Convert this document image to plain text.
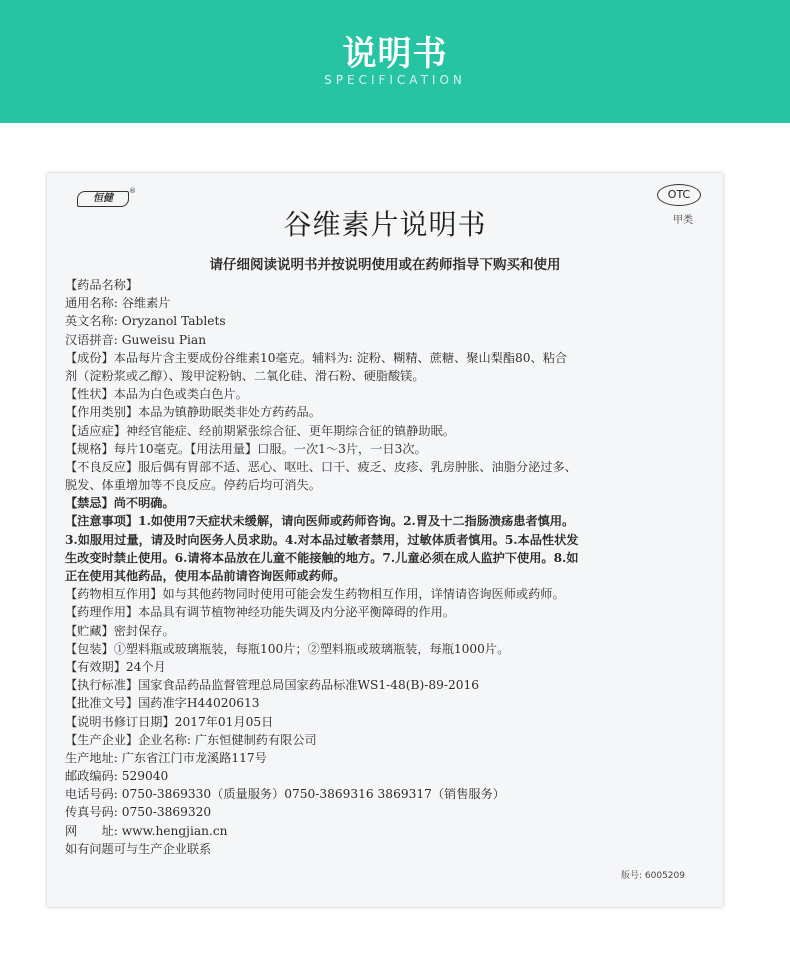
说明书
SPECIFICATION
恒健
®	OTC
甲类
谷维素片说明书
请仔细阅读说明书并按说明使用或在药师指导下购买和使用
【药品名称】
通用名称: 谷维素片
英文名称: Oryzanol Tablets
汉语拼音: Guweisu Pian
【成份】本品每片含主要成份谷维素10毫克。辅料为: 淀粉、糊精、蔗糖、聚山梨酯80、粘合
剂（淀粉浆或乙醇）、羧甲淀粉钠、二氧化硅、滑石粉、硬脂酸镁。
【性状】本品为白色或类白色片。
【作用类别】本品为镇静助眠类非处方药药品。
【适应症】神经官能症、经前期紧张综合征、更年期综合征的镇静助眠。
【规格】每片10毫克。【用法用量】口服。一次1～3片，一日3次。
【不良反应】服后偶有胃部不适、恶心、呕吐、口干、疲乏、皮疹、乳房肿胀、油脂分泌过多、
脱发、体重增加等不良反应。停药后均可消失。
【禁忌】尚不明确。
【注意事项】1.如使用7天症状未缓解，请向医师或药师咨询。2.胃及十二指肠溃疡患者慎用。
3.如服用过量，请及时向医务人员求助。4.对本品过敏者禁用，过敏体质者慎用。5.本品性状发
生改变时禁止使用。6.请将本品放在儿童不能接触的地方。7.儿童必须在成人监护下使用。8.如
正在使用其他药品，使用本品前请咨询医师或药师。
【药物相互作用】如与其他药物同时使用可能会发生药物相互作用，详情请咨询医师或药师。
【药理作用】本品具有调节植物神经功能失调及内分泌平衡障碍的作用。
【贮藏】密封保存。
【包装】①塑料瓶或玻璃瓶装，每瓶100片；②塑料瓶或玻璃瓶装，每瓶1000片。
【有效期】24个月
【执行标准】国家食品药品监督管理总局国家药品标准WS1-48(B)-89-2016
【批准文号】国药准字H44020613
【说明书修订日期】2017年01月05日
【生产企业】企业名称: 广东恒健制药有限公司
生产地址: 广东省江门市龙溪路117号
邮政编码: 529040
电话号码: 0750-3869330（质量服务）0750-3869316 3869317（销售服务）
传真号码: 0750-3869320
网　　址: www.hengjian.cn
如有问题可与生产企业联系
版号: 6005209
